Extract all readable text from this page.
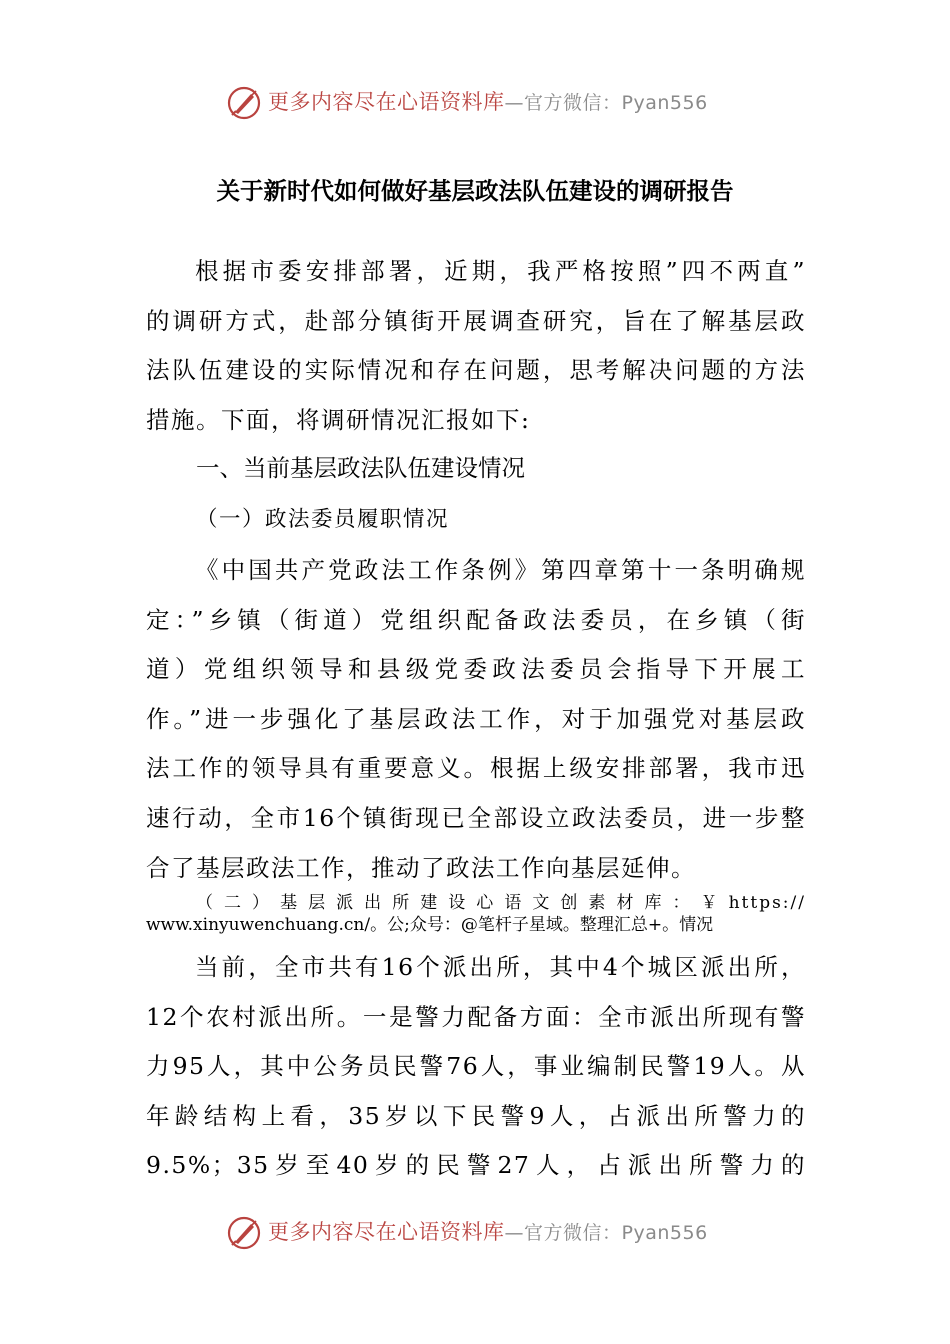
更多内容尽在心语资料库—官方微信：Pyan556
关于新时代如何做好基层政法队伍建设的调研报告
根据市委安排部署，近期，我严格按照”四不两直”
的调研方式，赴部分镇街开展调查研究，旨在了解基层政
法队伍建设的实际情况和存在问题，思考解决问题的方法
措施。下面，将调研情况汇报如下:
一、当前基层政法队伍建设情况
（一）政法委员履职情况
《中国共产党政法工作条例》第四章第十一条明确规
定：”乡镇（街道）党组织配备政法委员，在乡镇（街
道）党组织领导和县级党委政法委员会指导下开展工
作。”进一步强化了基层政法工作，对于加强党对基层政
法工作的领导具有重要意义。根据上级安排部署，我市迅
速行动，全市16个镇街现已全部设立政法委员，进一步整
合了基层政法工作，推动了政法工作向基层延伸。
（二）基层派出所建设心语文创素材库：￥https://
www.xinyuwenchuang.cn/。公;众号：@笔杆子星域。整理汇总+。情况
当前，全市共有16个派出所，其中4个城区派出所，
12个农村派出所。一是警力配备方面：全市派出所现有警
力95人，其中公务员民警76人，事业编制民警19人。从
年龄结构上看，35岁以下民警9人，占派出所警力的
9.5%；35岁至40岁的民警27人，占派出所警力的
更多内容尽在心语资料库—官方微信：Pyan556
